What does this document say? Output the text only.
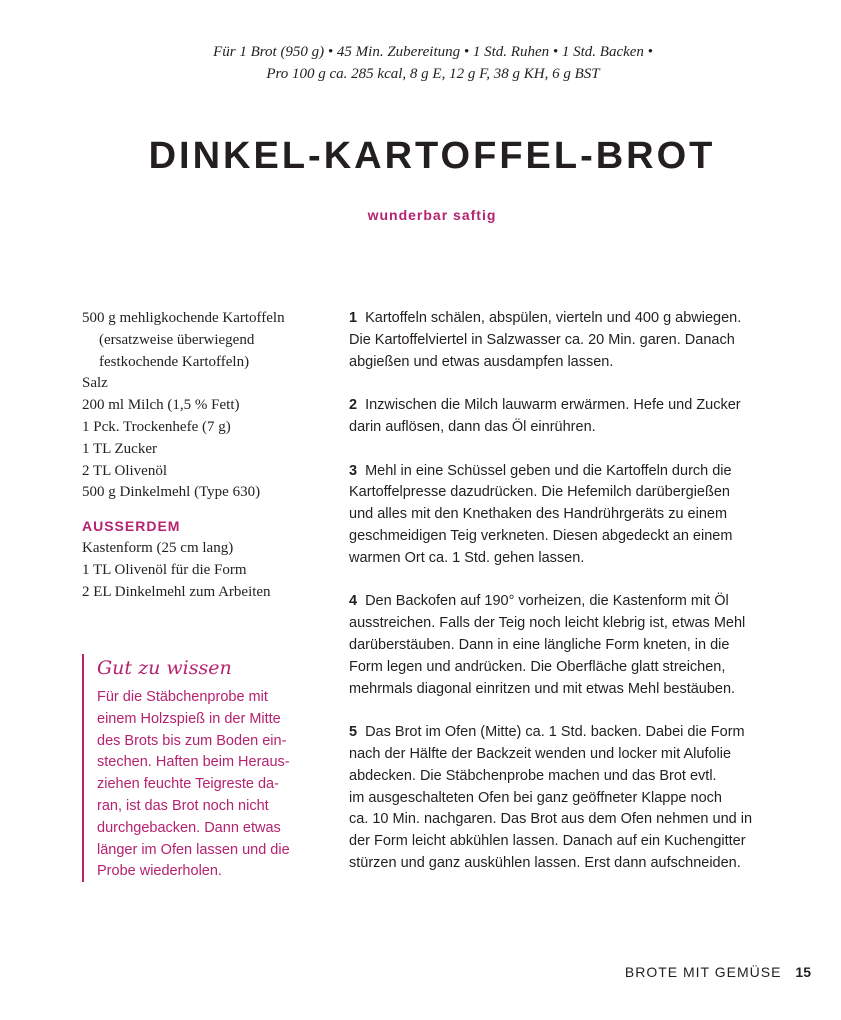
Für 1 Brot (950 g) • 45 Min. Zubereitung • 1 Std. Ruhen • 1 Std. Backen •
Pro 100 g ca. 285 kcal, 8 g E, 12 g F, 38 g KH, 6 g BST
DINKEL-KARTOFFEL-BROT
wunderbar saftig
500 g mehligkochende Kartoffeln
(ersatzweise überwiegend
festkochende Kartoffeln)
Salz
200 ml Milch (1,5 % Fett)
1 Pck. Trockenhefe (7 g)
1 TL Zucker
2 TL Olivenöl
500 g Dinkelmehl (Type 630)
AUSSERDEM
Kastenform (25 cm lang)
1 TL Olivenöl für die Form
2 EL Dinkelmehl zum Arbeiten
Gut zu wissen
Für die Stäbchenprobe mit
einem Holzspieß in der Mitte
des Brots bis zum Boden ein-
stechen. Haften beim Heraus-
ziehen feuchte Teigreste da-
ran, ist das Brot noch nicht
durchgebacken. Dann etwas
länger im Ofen lassen und die
Probe wiederholen.
1 Kartoffeln schälen, abspülen, vierteln und 400 g abwiegen.
Die Kartoffelviertel in Salzwasser ca. 20 Min. garen. Danach
abgießen und etwas ausdampfen lassen.
2 Inzwischen die Milch lauwarm erwärmen. Hefe und Zucker
darin auflösen, dann das Öl einrühren.
3 Mehl in eine Schüssel geben und die Kartoffeln durch die
Kartoffelpresse dazudrücken. Die Hefemilch darübergießen
und alles mit den Knethaken des Handrührgeräts zu einem
geschmeidigen Teig verkneten. Diesen abgedeckt an einem
warmen Ort ca. 1 Std. gehen lassen.
4 Den Backofen auf 190° vorheizen, die Kastenform mit Öl
ausstreichen. Falls der Teig noch leicht klebrig ist, etwas Mehl
darüberstäuben. Dann in eine längliche Form kneten, in die
Form legen und andrücken. Die Oberfläche glatt streichen,
mehrmals diagonal einritzen und mit etwas Mehl bestäuben.
5 Das Brot im Ofen (Mitte) ca. 1 Std. backen. Dabei die Form
nach der Hälfte der Backzeit wenden und locker mit Alufolie
abdecken. Die Stäbchenprobe machen und das Brot evtl.
im ausgeschalteten Ofen bei ganz geöffneter Klappe noch
ca. 10 Min. nachgaren. Das Brot aus dem Ofen nehmen und in
der Form leicht abkühlen lassen. Danach auf ein Kuchengitter
stürzen und ganz auskühlen lassen. Erst dann aufschneiden.
BROTE MIT GEMÜSE 15
